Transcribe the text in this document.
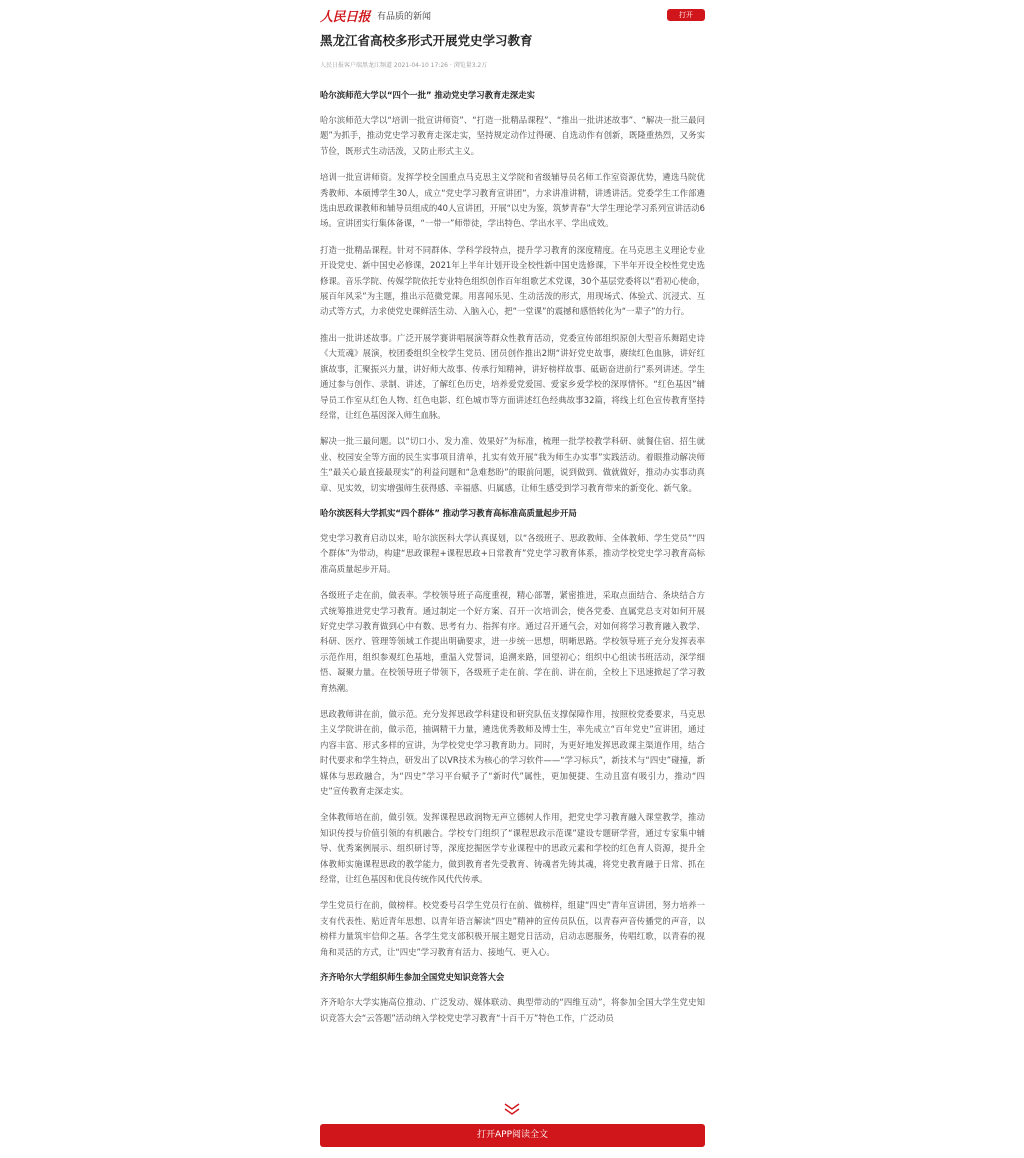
人民日报 有品质的新闻	打开
黑龙江省高校多形式开展党史学习教育
人民日报客户端黑龙江频道 2021-04-10 17:26 · 浏览量3.2万

哈尔滨师范大学以“四个一批” 推动党史学习教育走深走实

哈尔滨师范大学以“培训一批宣讲师资”、“打造一批精品课程”、“推出一批讲述故事”、“解决一批三最问题”为抓手，推动党史学习教育走深走实，坚持规定动作过得硬、自选动作有创新，既隆重热烈，又务实节俭，既形式生动活泼，又防止形式主义。

培训一批宣讲师资。发挥学校全国重点马克思主义学院和省级辅导员名师工作室资源优势，遴选马院优秀教师、本硕博学生30人，成立“党史学习教育宣讲团”，力求讲准讲精，讲透讲活。党委学生工作部遴选由思政课教师和辅导员组成的40人宣讲团，开展“以史为鉴，筑梦青春”大学生理论学习系列宣讲活动6场。宣讲团实行集体备课，“一带一”师带徒，学出特色、学出水平、学出成效。

打造一批精品课程。针对不同群体、学科学段特点，提升学习教育的深度精度。在马克思主义理论专业开设党史、新中国史必修课，2021年上半年计划开设全校性新中国史选修课，下半年开设全校性党史选修课。音乐学院、传媒学院依托专业特色组织创作百年组歌艺术党课，30个基层党委将以“看初心使命，展百年风采”为主题，推出示范微党课。用喜闻乐见、生动活泼的形式，用现场式、体验式、沉浸式、互动式等方式，力求使党史课鲜活生动、入脑入心，把“一堂课”的震撼和感悟转化为“一辈子”的力行。

推出一批讲述故事。广泛开展学赛讲唱展演等群众性教育活动，党委宣传部组织原创大型音乐舞蹈史诗《大荒魂》展演，校团委组织全校学生党员、团员创作推出2期“讲好党史故事，赓续红色血脉，讲好红旗故事，汇聚振兴力量，讲好师大故事、传承行知精神，讲好榜样故事、砥砺奋进前行”系列讲述。学生通过参与创作、录制、讲述，了解红色历史，培养爱党爱国、爱家乡爱学校的深厚情怀。“红色基因”辅导员工作室从红色人物、红色电影、红色城市等方面讲述红色经典故事32篇，将线上红色宣传教育坚持经常，让红色基因深入师生血脉。

解决一批三最问题。以“切口小、发力准、效果好”为标准，梳理一批学校教学科研、就餐住宿、招生就业、校园安全等方面的民生实事项目清单，扎实有效开展“我为师生办实事”实践活动。着眼推动解决师生“最关心最直接最现实”的利益问题和“急难愁盼”的眼前问题，说到做到、做就做好，推动办实事动真章、见实效，切实增强师生获得感、幸福感、归属感，让师生感受到学习教育带来的新变化、新气象。

哈尔滨医科大学抓实“四个群体” 推动学习教育高标准高质量起步开局

党史学习教育启动以来，哈尔滨医科大学认真谋划，以“各级班子、思政教师、全体教师、学生党员”“四个群体”为带动，构建“思政课程+课程思政+日常教育”党史学习教育体系，推动学校党史学习教育高标准高质量起步开局。

各级班子走在前，做表率。学校领导班子高度重视，精心部署，紧密推进，采取点面结合、条块结合方式统筹推进党史学习教育。通过制定一个好方案、召开一次培训会，使各党委、直属党总支对如何开展好党史学习教育做到心中有数、思考有力、指挥有序。通过召开通气会，对如何将学习教育融入教学、科研、医疗、管理等领域工作提出明确要求，进一步统一思想，明晰思路。学校领导班子充分发挥表率示范作用，组织参观红色基地，重温入党誓词，追溯来路，回望初心；组织中心组读书班活动，深学细悟、凝聚力量。在校领导班子带领下，各级班子走在前、学在前、讲在前，全校上下迅速掀起了学习教育热潮。

思政教师讲在前，做示范。充分发挥思政学科建设和研究队伍支撑保障作用，按照校党委要求，马克思主义学院讲在前，做示范，抽调精干力量，遴选优秀教师及博士生，率先成立“百年党史”宣讲团，通过内容丰富、形式多样的宣讲，为学校党史学习教育助力。同时，为更好地发挥思政课主渠道作用，结合时代要求和学生特点，研发出了以VR技术为核心的学习软件——“学习标兵”，新技术与“四史”碰撞，新媒体与思政融合，为“四史”学习平台赋予了“新时代”属性，更加便捷、生动且富有吸引力，推动“四史”宣传教育走深走实。

全体教师培在前，做引领。发挥课程思政润物无声立德树人作用，把党史学习教育融入课堂教学，推动知识传授与价值引领的有机融合。学校专门组织了“课程思政示范课”建设专题研学营，通过专家集中辅导、优秀案例展示、组织研讨等，深度挖掘医学专业课程中的思政元素和学校的红色育人资源，提升全体教师实施课程思政的教学能力，做到教育者先受教育、铸魂者先铸其魂，将党史教育融于日常、抓在经常，让红色基因和优良传统作风代代传承。

学生党员行在前，做榜样。校党委号召学生党员行在前、做榜样，组建“四史”青年宣讲团，努力培养一支有代表性、贴近青年思想、以青年语言解读“四史”精神的宣传员队伍，以青春声音传播党的声音，以榜样力量筑牢信仰之基。各学生党支部积极开展主题党日活动，启动志愿服务，传唱红歌，以青春的视角和灵活的方式，让“四史”学习教育有活力、接地气、更入心。

齐齐哈尔大学组织师生参加全国党史知识竞答大会

齐齐哈尔大学实施高位推动、广泛发动、媒体联动、典型带动的“四维互动”，将参加全国大学生党史知识竞答大会“云答题”活动纳入学校党史学习教育“十百千万”特色工作，广泛动员

打开APP阅读全文
